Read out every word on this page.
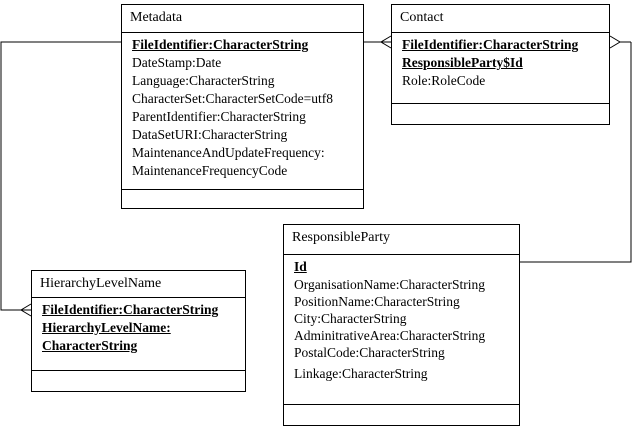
Metadata
FileIdentifier:CharacterString
DateStamp:Date
Language:CharacterString
CharacterSet:CharacterSetCode=utf8
ParentIdentifier:CharacterString
DataSetURI:CharacterString
MaintenanceAndUpdateFrequency:
MaintenanceFrequencyCode
Contact
FileIdentifier:CharacterString
ResponsibleParty$Id
Role:RoleCode
ResponsibleParty
Id
OrganisationName:CharacterString
PositionName:CharacterString
City:CharacterString
AdminitrativeArea:CharacterString
PostalCode:CharacterString
Linkage:CharacterString
HierarchyLevelName
FileIdentifier:CharacterString
HierarchyLevelName:
CharacterString
